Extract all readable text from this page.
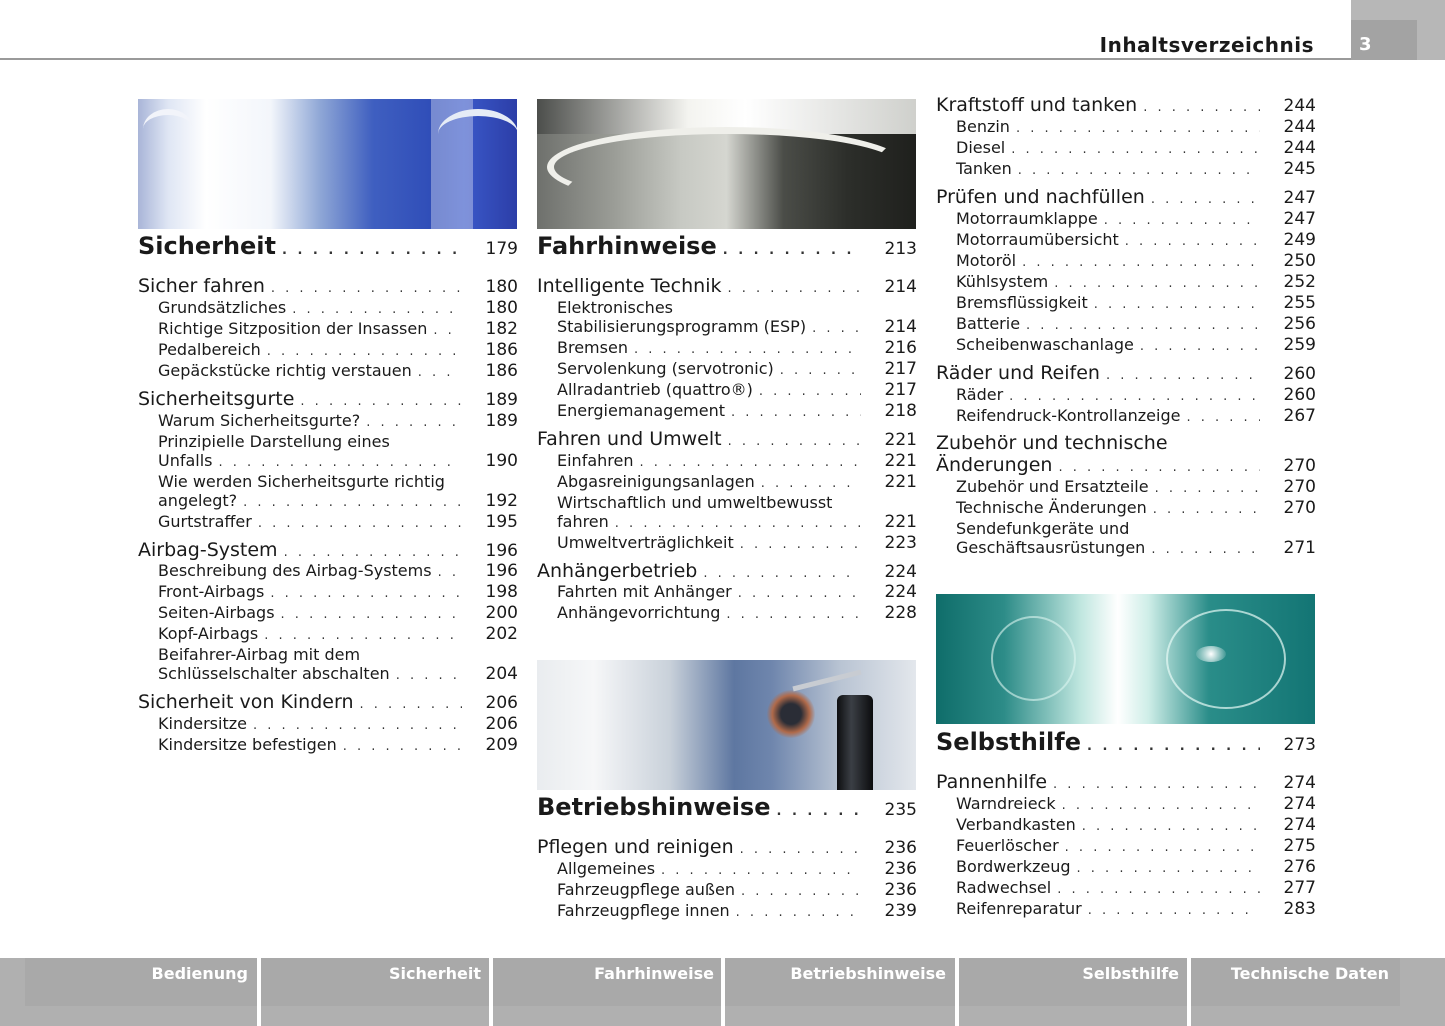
Inhaltsverzeichnis	3
Sicherheit . . .	179
Sicher fahren . . .	180
Grundsätzliches . . .	180
Richtige Sitzposition der Insassen . . .	182
Pedalbereich . . .	186
Gepäckstücke richtig verstauen . . .	186
Sicherheitsgurte . . .	189
Warum Sicherheitsgurte? . . .	189
Prinzipielle Darstellung eines
Unfalls . . .	190
Wie werden Sicherheitsgurte richtig
angelegt? . . .	192
Gurtstraffer . . .	195
Airbag-System . . .	196
Beschreibung des Airbag-Systems . . .	196
Front-Airbags . . .	198
Seiten-Airbags . . .	200
Kopf-Airbags . . .	202
Beifahrer-Airbag mit dem
Schlüsselschalter abschalten . . .	204
Sicherheit von Kindern . . .	206
Kindersitze . . .	206
Kindersitze befestigen . . .	209
Fahrhinweise . . .	213
Intelligente Technik . . .	214
Elektronisches
Stabilisierungsprogramm (ESP) . . .	214
Bremsen . . .	216
Servolenkung (servotronic) . . .	217
Allradantrieb (quattro®) . . .	217
Energiemanagement . . .	218
Fahren und Umwelt . . .	221
Einfahren . . .	221
Abgasreinigungsanlagen . . .	221
Wirtschaftlich und umweltbewusst
fahren . . .	221
Umweltverträglichkeit . . .	223
Anhängerbetrieb . . .	224
Fahrten mit Anhänger . . .	224
Anhängevorrichtung . . .	228
Betriebshinweise . . .	235
Pflegen und reinigen . . .	236
Allgemeines . . .	236
Fahrzeugpflege außen . . .	236
Fahrzeugpflege innen . . .	239
Kraftstoff und tanken . . .	244
Benzin . . .	244
Diesel . . .	244
Tanken . . .	245
Prüfen und nachfüllen . . .	247
Motorraumklappe . . .	247
Motorraumübersicht . . .	249
Motoröl . . .	250
Kühlsystem . . .	252
Bremsflüssigkeit . . .	255
Batterie . . .	256
Scheibenwaschanlage . . .	259
Räder und Reifen . . .	260
Räder . . .	260
Reifendruck-Kontrollanzeige . . .	267
Zubehör und technische
Änderungen . . .	270
Zubehör und Ersatzteile . . .	270
Technische Änderungen . . .	270
Sendefunkgeräte und
Geschäftsausrüstungen . . .	271
Selbsthilfe . . .	273
Pannenhilfe . . .	274
Warndreieck . . .	274
Verbandkasten . . .	274
Feuerlöscher . . .	275
Bordwerkzeug . . .	276
Radwechsel . . .	277
Reifenreparatur . . .	283
Bedienung	Sicherheit	Fahrhinweise	Betriebshinweise	Selbsthilfe	Technische Daten
